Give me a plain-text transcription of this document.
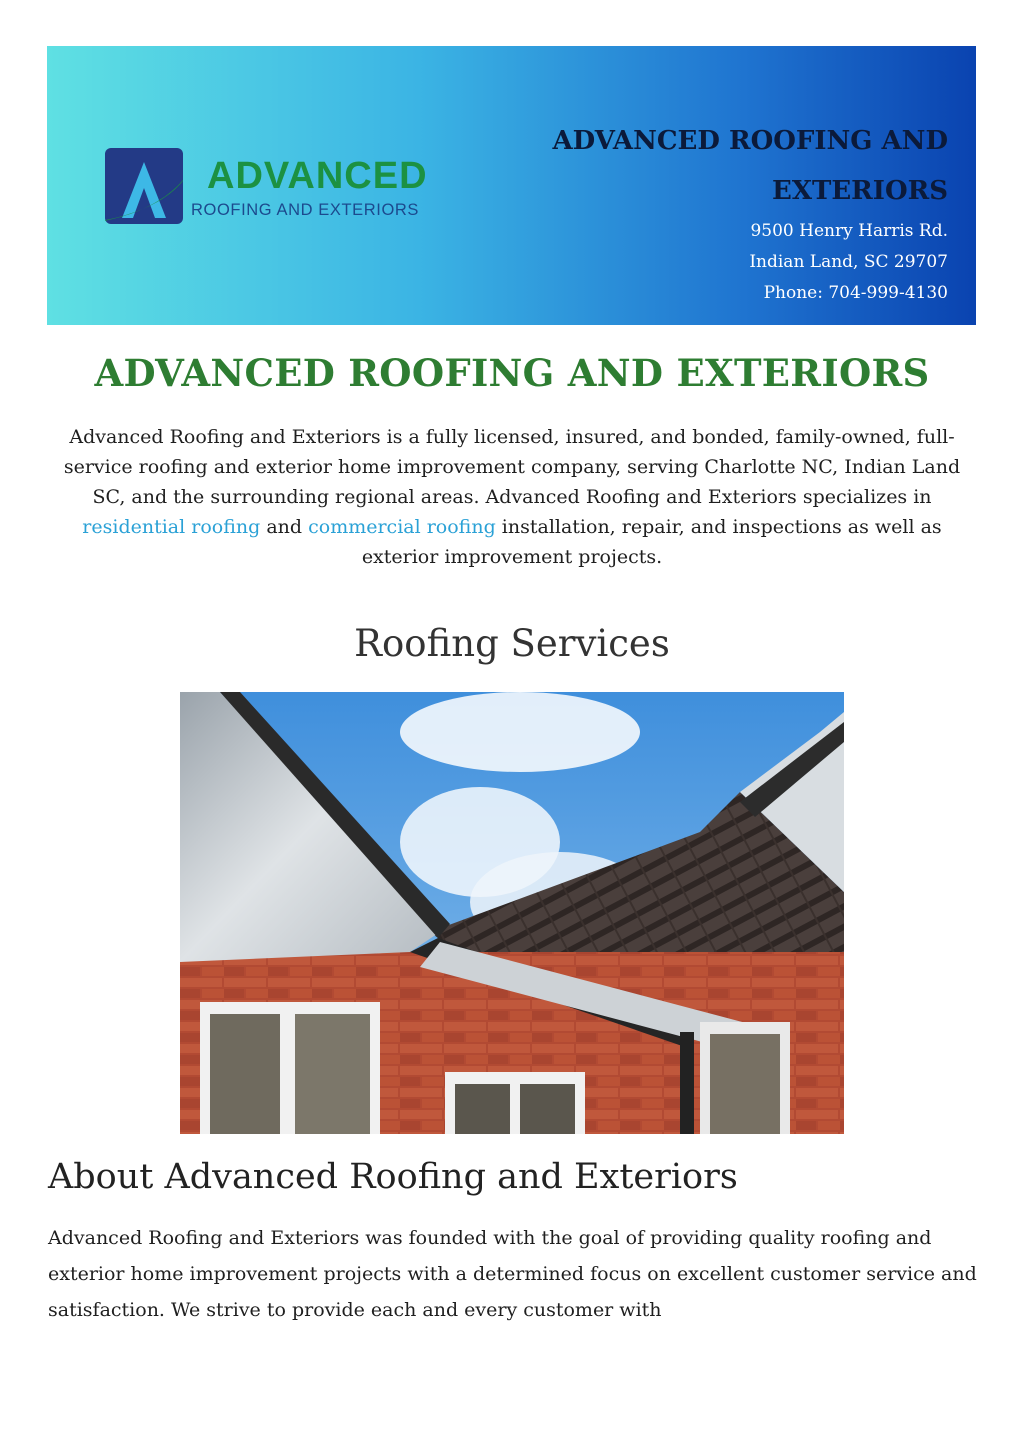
ADVANCED
ROOFING AND EXTERIORS
ADVANCED ROOFING AND
EXTERIORS
9500 Henry Harris Rd.
Indian Land, SC 29707
Phone: 704-999-4130
ADVANCED ROOFING AND EXTERIORS
Advanced Roofing and Exteriors is a fully licensed, insured, and bonded, family-owned, full-service roofing and exterior home improvement company, serving Charlotte NC, Indian Land SC, and the surrounding regional areas. Advanced Roofing and Exteriors specializes in residential roofing and commercial roofing installation, repair, and inspections as well as exterior improvement projects.
Roofing Services
About Advanced Roofing and Exteriors
Advanced Roofing and Exteriors was founded with the goal of providing quality roofing and exterior home improvement projects with a determined focus on excellent customer service and satisfaction. We strive to provide each and every customer with
